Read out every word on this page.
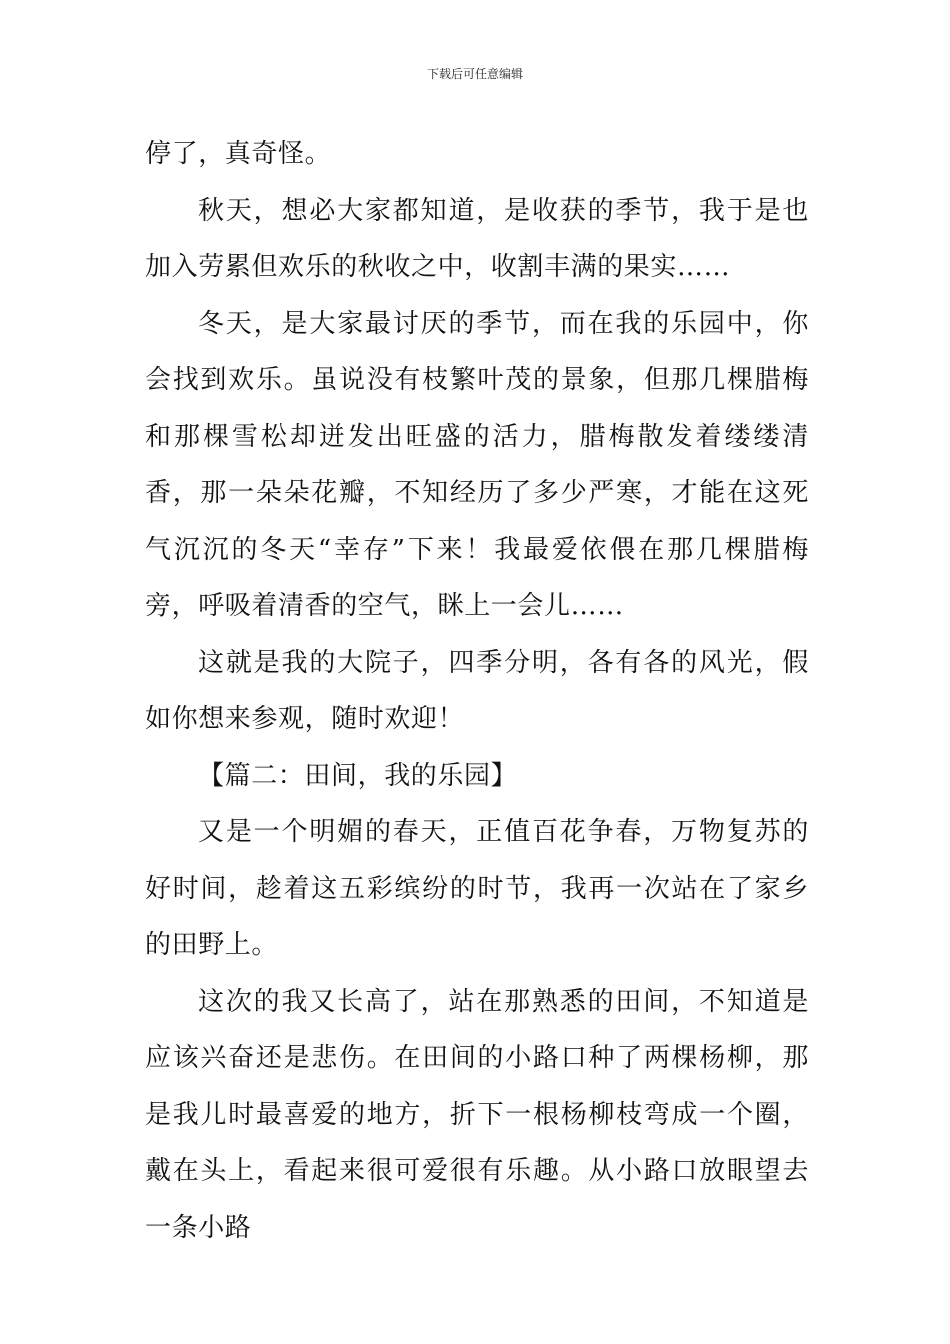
下载后可任意编辑

停了，真奇怪。

秋天，想必大家都知道，是收获的季节，我于是也加入劳累但欢乐的秋收之中，收割丰满的果实……

冬天，是大家最讨厌的季节，而在我的乐园中，你会找到欢乐。虽说没有枝繁叶茂的景象，但那几棵腊梅和那棵雪松却迸发出旺盛的活力，腊梅散发着缕缕清香，那一朵朵花瓣，不知经历了多少严寒，才能在这死气沉沉的冬天“幸存”下来！我最爱依偎在那几棵腊梅旁，呼吸着清香的空气，眯上一会儿……

这就是我的大院子，四季分明，各有各的风光，假如你想来参观，随时欢迎！

【篇二：田间，我的乐园】

又是一个明媚的春天，正值百花争春，万物复苏的好时间，趁着这五彩缤纷的时节，我再一次站在了家乡的田野上。

这次的我又长高了，站在那熟悉的田间，不知道是应该兴奋还是悲伤。在田间的小路口种了两棵杨柳，那是我儿时最喜爱的地方，折下一根杨柳枝弯成一个圈，戴在头上，看起来很可爱很有乐趣。从小路口放眼望去一条小路
